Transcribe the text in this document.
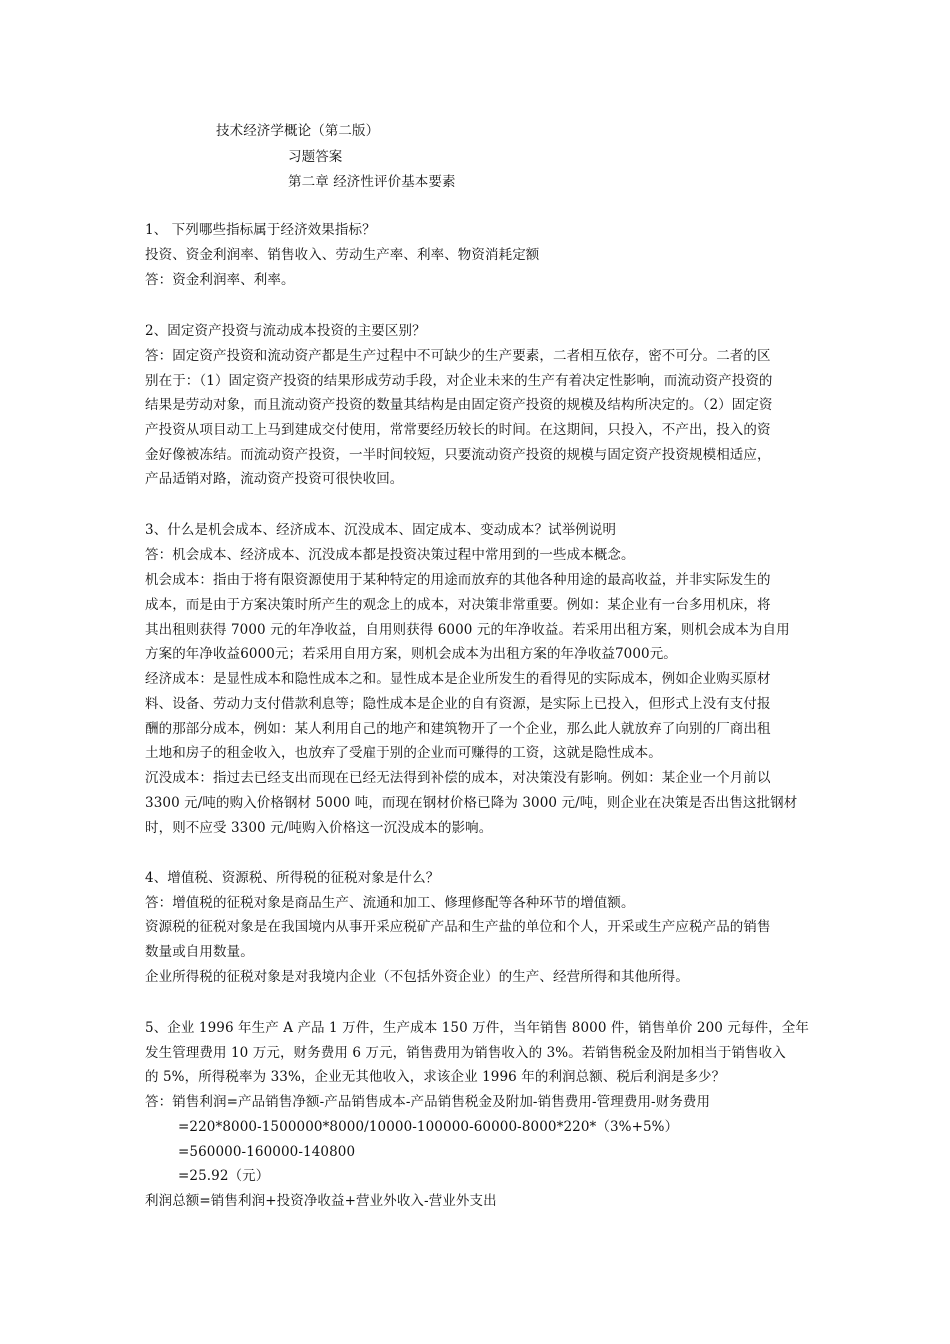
技术经济学概论（第二版）
习题答案
第二章 经济性评价基本要素
1、 下列哪些指标属于经济效果指标？
投资、资金利润率、销售收入、劳动生产率、利率、物资消耗定额
答：资金利润率、利率。
2、固定资产投资与流动成本投资的主要区别？
答：固定资产投资和流动资产都是生产过程中不可缺少的生产要素，二者相互依存，密不可分。二者的区
别在于：（1）固定资产投资的结果形成劳动手段，对企业未来的生产有着决定性影响，而流动资产投资的
结果是劳动对象，而且流动资产投资的数量其结构是由固定资产投资的规模及结构所决定的。（2）固定资
产投资从项目动工上马到建成交付使用，常常要经历较长的时间。在这期间，只投入，不产出，投入的资
金好像被冻结。而流动资产投资，一半时间较短，只要流动资产投资的规模与固定资产投资规模相适应，
产品适销对路，流动资产投资可很快收回。
3、什么是机会成本、经济成本、沉没成本、固定成本、变动成本？试举例说明
答：机会成本、经济成本、沉没成本都是投资决策过程中常用到的一些成本概念。
机会成本：指由于将有限资源使用于某种特定的用途而放弃的其他各种用途的最高收益，并非实际发生的
成本，而是由于方案决策时所产生的观念上的成本，对决策非常重要。例如：某企业有一台多用机床，将
其出租则获得 7000 元的年净收益，自用则获得 6000 元的年净收益。若采用出租方案，则机会成本为自用
方案的年净收益6000元；若采用自用方案，则机会成本为出租方案的年净收益7000元。
经济成本：是显性成本和隐性成本之和。显性成本是企业所发生的看得见的实际成本，例如企业购买原材
料、设备、劳动力支付借款利息等；隐性成本是企业的自有资源，是实际上已投入，但形式上没有支付报
酬的那部分成本，例如：某人利用自己的地产和建筑物开了一个企业，那么此人就放弃了向别的厂商出租
土地和房子的租金收入，也放弃了受雇于别的企业而可赚得的工资，这就是隐性成本。
沉没成本：指过去已经支出而现在已经无法得到补偿的成本，对决策没有影响。例如：某企业一个月前以
3300 元/吨的购入价格钢材 5000 吨，而现在钢材价格已降为 3000 元/吨，则企业在决策是否出售这批钢材
时，则不应受 3300 元/吨购入价格这一沉没成本的影响。
4、增值税、资源税、所得税的征税对象是什么？
答：增值税的征税对象是商品生产、流通和加工、修理修配等各种环节的增值额。
资源税的征税对象是在我国境内从事开采应税矿产品和生产盐的单位和个人，开采或生产应税产品的销售
数量或自用数量。
企业所得税的征税对象是对我境内企业（不包括外资企业）的生产、经营所得和其他所得。
5、企业 1996 年生产 A 产品 1 万件，生产成本 150 万件，当年销售 8000 件，销售单价 200 元每件，全年
发生管理费用 10 万元，财务费用 6 万元，销售费用为销售收入的 3%。若销售税金及附加相当于销售收入
的 5%，所得税率为 33%，企业无其他收入，求该企业 1996 年的利润总额、税后利润是多少？
答：销售利润=产品销售净额-产品销售成本-产品销售税金及附加-销售费用-管理费用-财务费用
=220*8000-1500000*8000/10000-100000-60000-8000*220*（3%+5%）
=560000-160000-140800
=25.92（元）
利润总额=销售利润+投资净收益+营业外收入-营业外支出
